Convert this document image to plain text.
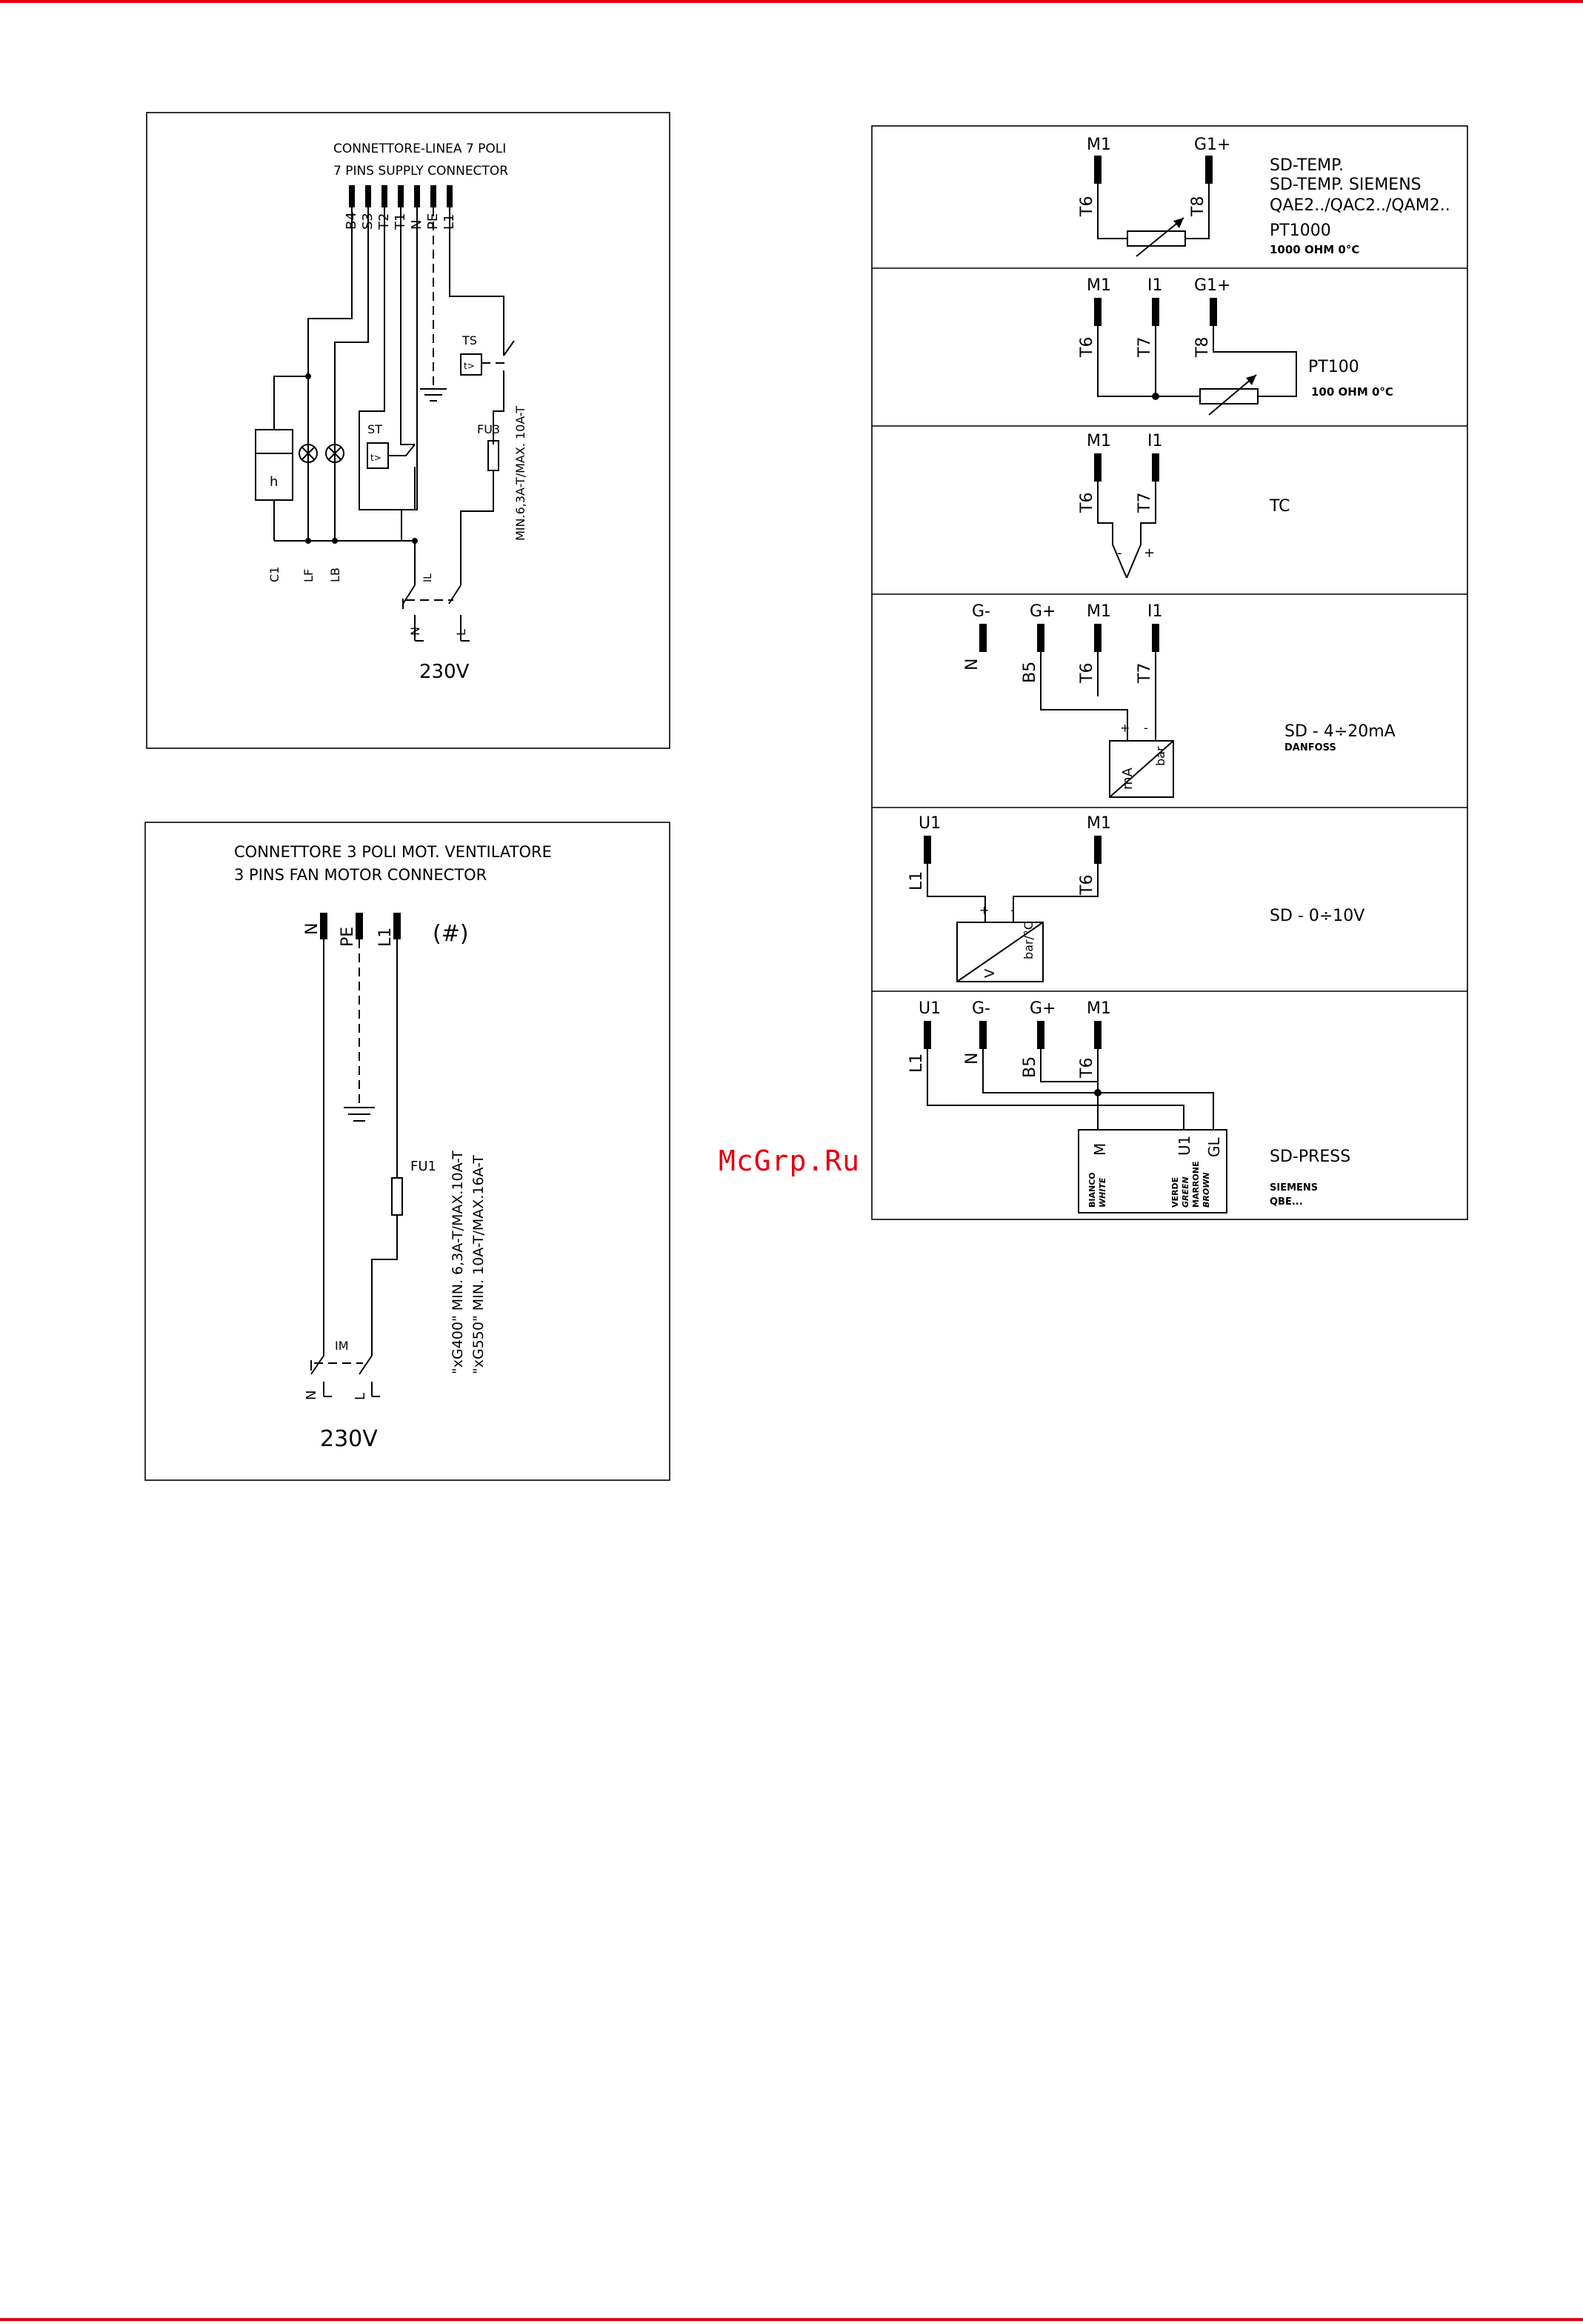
CONNETTORE-LINEA 7 POLI
7 PINS SUPPLY CONNECTOR
B4 S3 T2 T1 N PE L1
h
ST
t>
TS
t>
FU3 MIN.6,3A-T/MAX. 10A-T
C1 LF LB	IL
N	L
230V
CONNETTORE 3 POLI MOT. VENTILATORE
3 PINS FAN MOTOR CONNECTOR
N PE L1 (#)
FU1 "xG400" MIN. 6,3A-T/MAX.10A-T "xG550" MIN. 10A-T/MAX.16A-T
IM
N	L
230V
M1	G1+
T6	T8
SD-TEMP.
SD-TEMP. SIEMENS
QAE2../QAC2../QAM2..
PT1000
1000 OHM 0°C
M1 I1 G1+
T6 T7 T8
PT100
100 OHM 0°C
M1 I1
T6 T7
- +
TC
G- G+ M1 I1
N B5 T6 T7
+ -
mA
bar
SD - 4÷20mA
DANFOSS
U1	M1
L1	T6
+ -
V
bar/°C
SD - 0÷10V
U1 G- G+ M1
L1 N B5 T6
M	U1 GL
BIANCO WHITE	VERDE GREEN MARRONE BROWN
SD-PRESS
SIEMENS
QBE...
McGrp.Ru
